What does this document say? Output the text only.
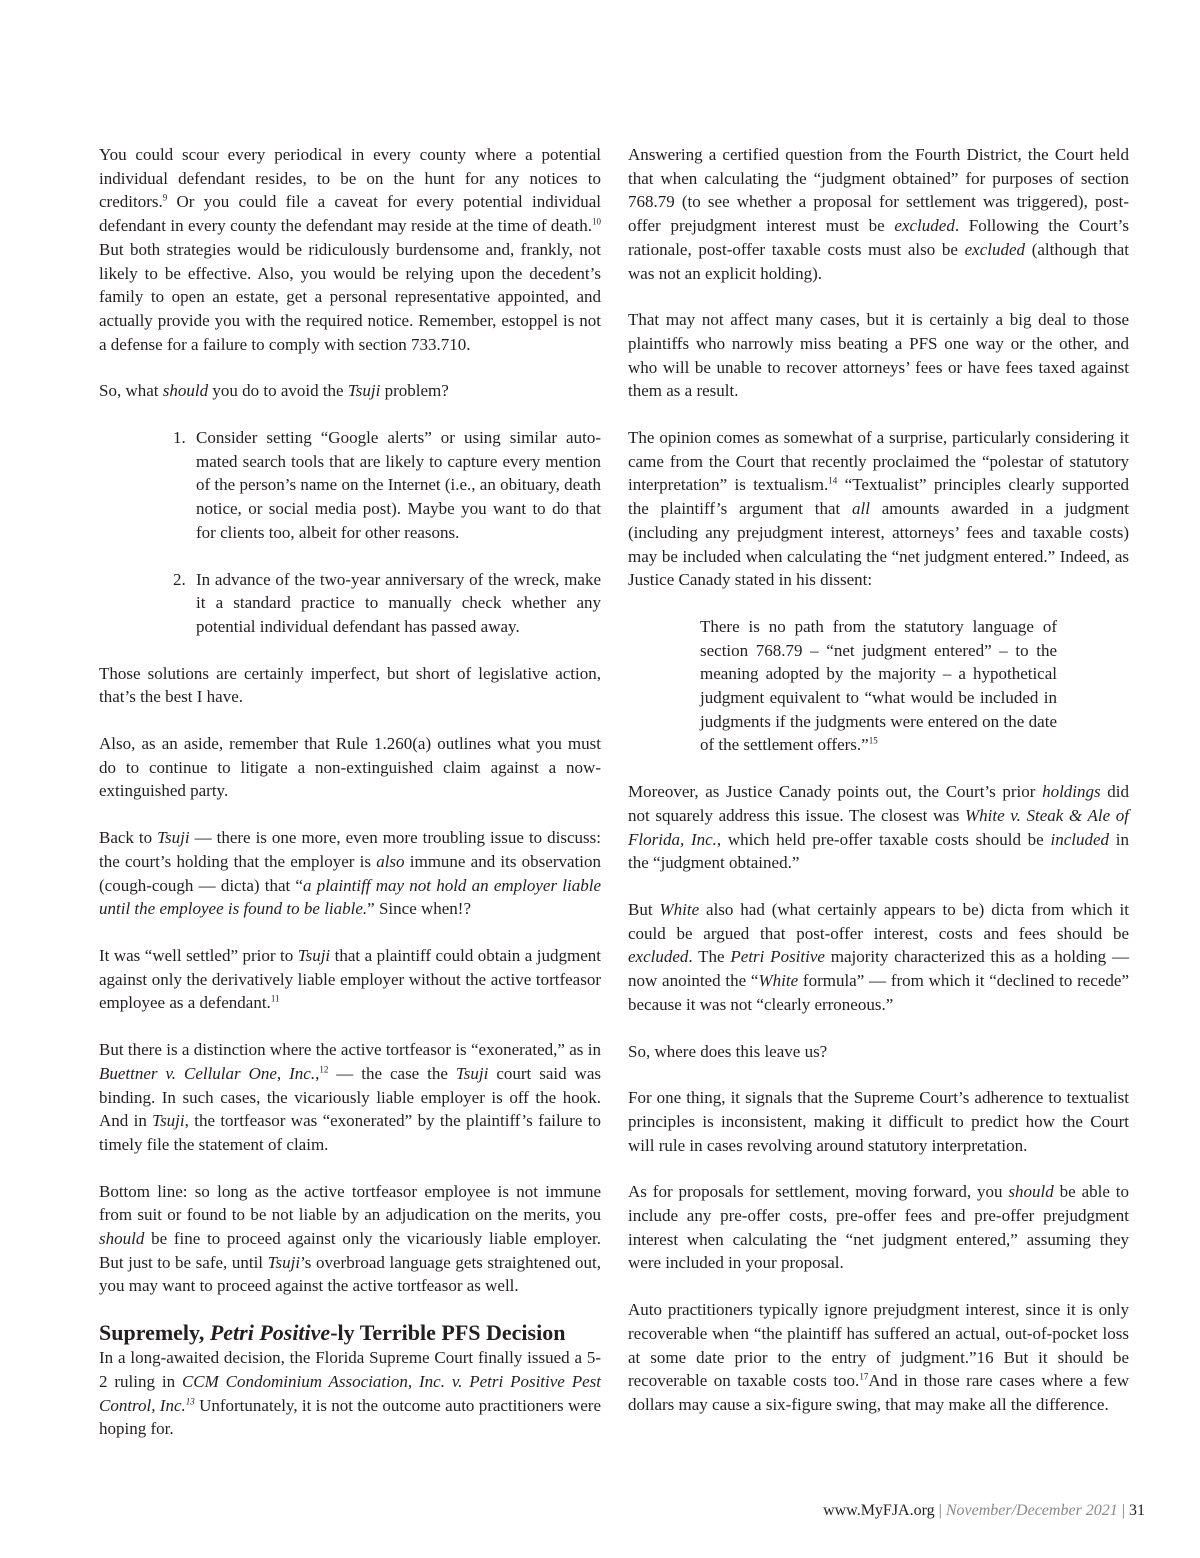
You could scour every periodical in every county where a potential individual defendant resides, to be on the hunt for any notices to creditors.$^9$ Or you could file a caveat for every potential individual defendant in every county the defendant may reside at the time of death.$^{10}$ But both strategies would be ridiculously burdensome and, frankly, not likely to be effective. Also, you would be relying upon the decedent’s family to open an estate, get a personal representative appointed, and actually provide you with the required notice. Remember, estoppel is not a defense for a failure to comply with section 733.710.

So, what should you do to avoid the Tsuji problem?

1. Consider setting “Google alerts” or using similar automated search tools that are likely to capture every mention of the person’s name on the Internet (i.e., an obituary, death notice, or social media post). Maybe you want to do that for clients too, albeit for other reasons.
2. In advance of the two-year anniversary of the wreck, make it a standard practice to manually check whether any potential individual defendant has passed away.

Those solutions are certainly imperfect, but short of legislative action, that’s the best I have.

Also, as an aside, remember that Rule 1.260(a) outlines what you must do to continue to litigate a non-extinguished claim against a now-extinguished party.

Back to Tsuji — there is one more, even more troubling issue to discuss: the court’s holding that the employer is also immune and its observation (cough-cough — dicta) that “a plaintiff may not hold an employer liable until the employee is found to be liable.” Since when!?

It was “well settled” prior to Tsuji that a plaintiff could obtain a judgment against only the derivatively liable employer without the active tortfeasor employee as a defendant.$^{11}$

But there is a distinction where the active tortfeasor is “exonerated,” as in Buettner v. Cellular One, Inc.,$^{12}$ — the case the Tsuji court said was binding. In such cases, the vicariously liable employer is off the hook. And in Tsuji, the tortfeasor was “exonerated” by the plaintiff’s failure to timely file the statement of claim.

Bottom line: so long as the active tortfeasor employee is not immune from suit or found to be not liable by an adjudication on the merits, you should be fine to proceed against only the vicariously liable employer. But just to be safe, until Tsuji’s overbroad language gets straightened out, you may want to proceed against the active tortfeasor as well.

Supremely, Petri Positive-ly Terrible PFS Decision

In a long-awaited decision, the Florida Supreme Court finally issued a 5-2 ruling in CCM Condominium Association, Inc. v. Petri Positive Pest Control, Inc.$^{13}$ Unfortunately, it is not the outcome auto practitioners were hoping for.

Answering a certified question from the Fourth District, the Court held that when calculating the “judgment obtained” for purposes of section 768.79 (to see whether a proposal for settlement was triggered), post-offer prejudgment interest must be excluded. Following the Court’s rationale, post-offer taxable costs must also be excluded (although that was not an explicit holding).

That may not affect many cases, but it is certainly a big deal to those plaintiffs who narrowly miss beating a PFS one way or the other, and who will be unable to recover attorneys’ fees or have fees taxed against them as a result.

The opinion comes as somewhat of a surprise, particularly considering it came from the Court that recently proclaimed the “polestar of statutory interpretation” is textualism.$^{14}$ “Textualist” principles clearly supported the plaintiff’s argument that all amounts awarded in a judgment (including any prejudgment interest, attorneys’ fees and taxable costs) may be included when calculating the “net judgment entered.” Indeed, as Justice Canady stated in his dissent:

There is no path from the statutory language of section 768.79 – “net judgment entered” – to the meaning adopted by the majority – a hypothetical judgment equivalent to “what would be included in judgments if the judgments were entered on the date of the settlement offers.”$^{15}$

Moreover, as Justice Canady points out, the Court’s prior holdings did not squarely address this issue. The closest was White v. Steak & Ale of Florida, Inc., which held pre-offer taxable costs should be included in the “judgment obtained.”

But White also had (what certainly appears to be) dicta from which it could be argued that post-offer interest, costs and fees should be excluded. The Petri Positive majority characterized this as a holding — now anointed the “White formula” — from which it “declined to recede” because it was not “clearly erroneous.”

So, where does this leave us?

For one thing, it signals that the Supreme Court’s adherence to textualist principles is inconsistent, making it difficult to predict how the Court will rule in cases revolving around statutory interpretation.

As for proposals for settlement, moving forward, you should be able to include any pre-offer costs, pre-offer fees and pre-offer prejudgment interest when calculating the “net judgment entered,” assuming they were included in your proposal.

Auto practitioners typically ignore prejudgment interest, since it is only recoverable when “the plaintiff has suffered an actual, out-of-pocket loss at some date prior to the entry of judgment.”16 But it should be recoverable on taxable costs too.$^{17}$And in those rare cases where a few dollars may cause a six-figure swing, that may make all the difference.

www.MyFJA.org | November/December 2021 | 31
